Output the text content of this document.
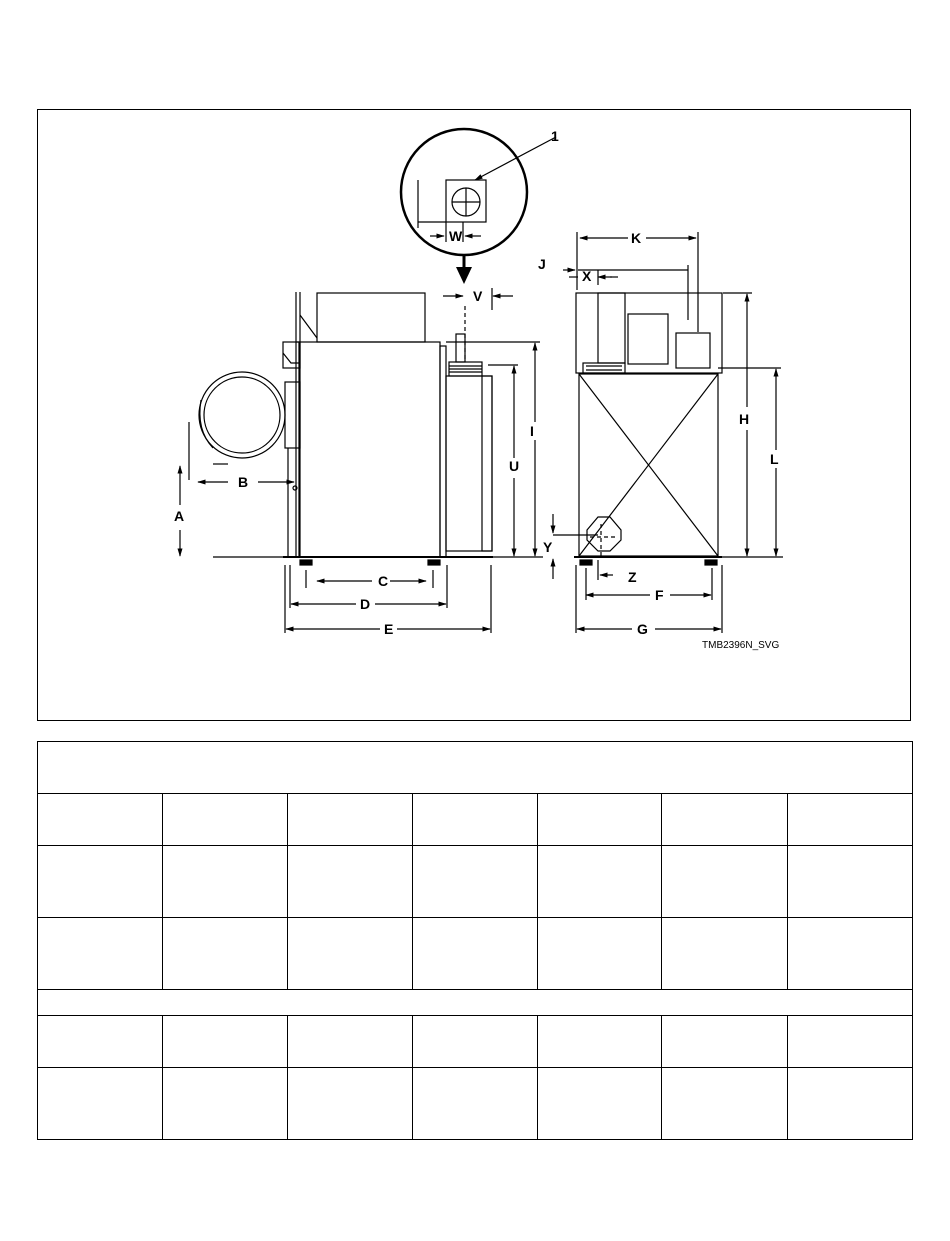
1
W
V
A
B
C
D
E
U
I
K
J
X
H
L
Y
Z
F
G
TMB2396N_SVG
